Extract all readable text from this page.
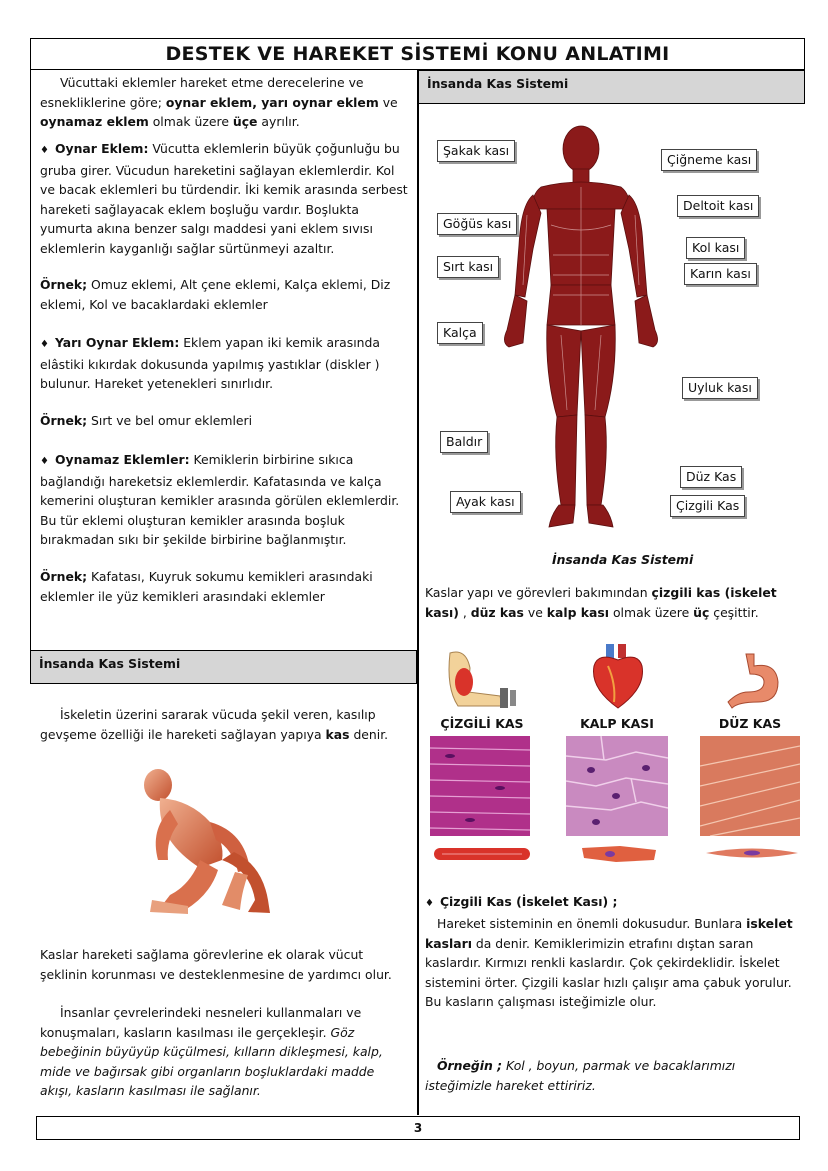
DESTEK VE HAREKET SİSTEMİ KONU ANLATIMI
Vücuttaki eklemler hareket etme derecelerine ve esnekliklerine göre; oynar eklem, yarı oynar eklem ve oynamaz eklem olmak üzere üçe ayrılır.
♦ Oynar Eklem: Vücutta eklemlerin büyük çoğunluğu bu gruba girer. Vücudun hareketini sağlayan eklemlerdir. Kol ve bacak eklemleri bu türdendir. İki kemik arasında serbest hareketi sağlayacak eklem boşluğu vardır. Boşlukta yumurta akına benzer salgı maddesi yani eklem sıvısı eklemlerin kayganlığı sağlar sürtünmeyi azaltır.
Örnek; Omuz eklemi, Alt çene eklemi, Kalça eklemi, Diz eklemi, Kol ve bacaklardaki eklemler
♦ Yarı Oynar Eklem: Eklem yapan iki kemik arasında elâstiki kıkırdak dokusunda yapılmış yastıklar (diskler ) bulunur. Hareket yetenekleri sınırlıdır.
Örnek; Sırt ve bel omur eklemleri
♦ Oynamaz Eklemler: Kemiklerin birbirine sıkıca bağlandığı hareketsiz eklemlerdir. Kafatasında ve kalça kemerini oluşturan kemikler arasında görülen eklemlerdir. Bu tür eklemi oluşturan kemikler arasında boşluk bırakmadan sıkı bir şekilde birbirine bağlanmıştır.
Örnek; Kafatası, Kuyruk sokumu kemikleri arasındaki eklemler ile yüz kemikleri arasındaki eklemler
İnsanda Kas Sistemi
İskeletin üzerini sararak vücuda şekil veren, kasılıp gevşeme özelliği ile hareketi sağlayan yapıya kas denir.
Kaslar hareketi sağlama görevlerine ek olarak vücut şeklinin korunması ve desteklenmesine de yardımcı olur.
İnsanlar çevrelerindeki nesneleri kullanmaları ve konuşmaları, kasların kasılması ile gerçekleşir. Göz bebeğinin büyüyüp küçülmesi, kılların dikleşmesi, kalp, mide ve bağırsak gibi organların boşluklardaki madde akışı, kasların kasılması ile sağlanır.
İnsanda Kas Sistemi
Şakak kası
Çiğneme kası
Deltoit kası
Göğüs kası
Kol kası
Sırt kası	Karın kası
Kalça
Uyluk kası
Baldır
Düz Kas
Ayak kası	Çizgili Kas
İnsanda Kas Sistemi
Kaslar yapı ve görevleri bakımından çizgili kas (iskelet kası) , düz kas ve kalp kası olmak üzere üç çeşittir.
ÇİZGİLİ KAS	KALP KASI	DÜZ KAS
♦ Çizgili Kas (İskelet Kası) ;
Hareket sisteminin en önemli dokusudur. Bunlara iskelet kasları da denir. Kemiklerimizin etrafını dıştan saran kaslardır. Kırmızı renkli kaslardır. Çok çekirdeklidir. İskelet sistemini örter. Çizgili kaslar hızlı çalışır ama çabuk yorulur. Bu kasların çalışması isteğimizle olur.
Örneğin ; Kol , boyun, parmak ve bacaklarımızı isteğimizle hareket ettiririz.
3
